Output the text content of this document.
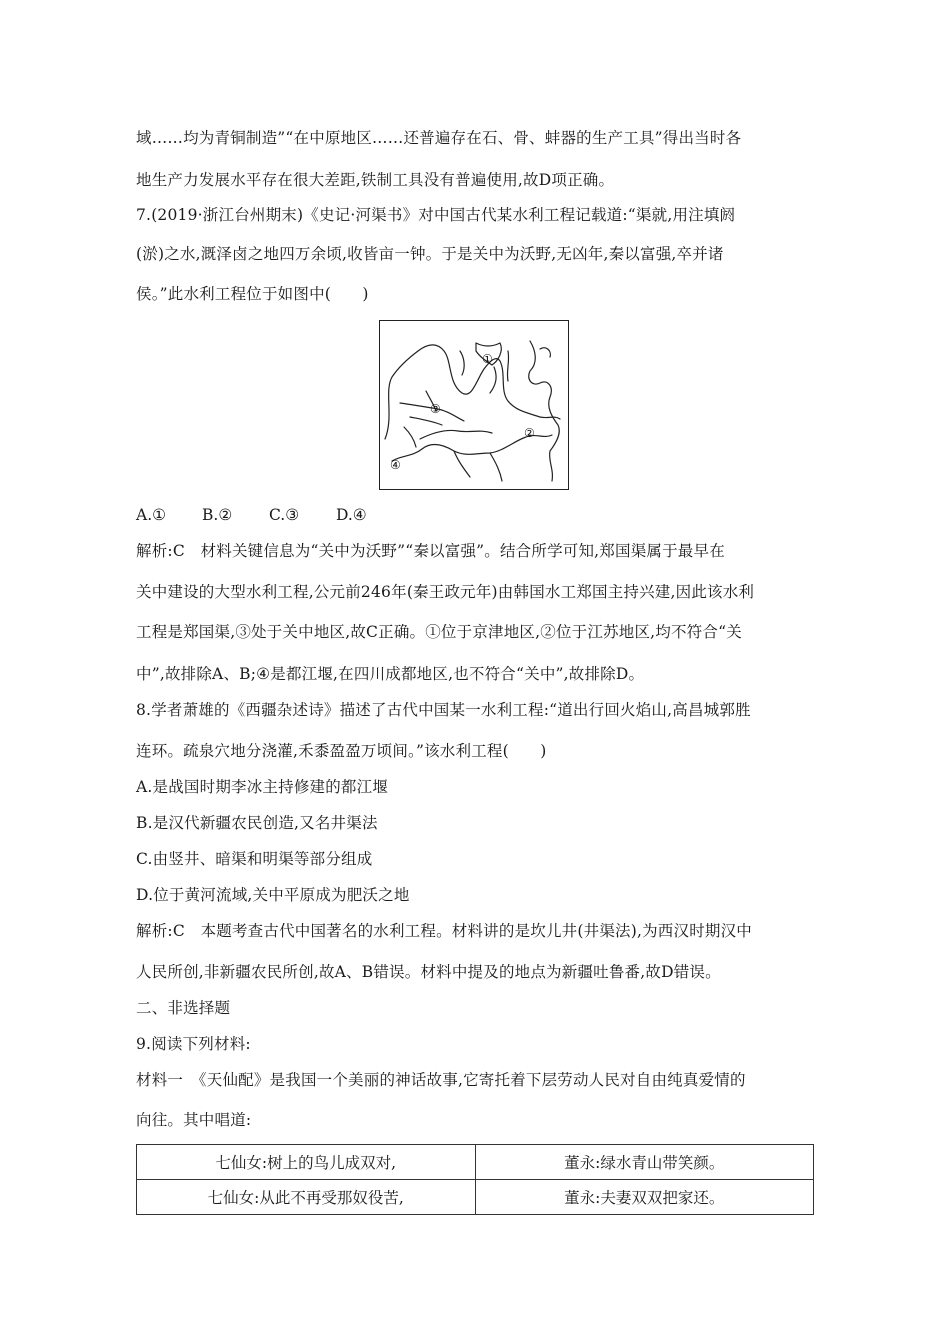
域……均为青铜制造”“在中原地区……还普遍存在石、骨、蚌器的生产工具”得出当时各
地生产力发展水平存在很大差距,铁制工具没有普遍使用,故D项正确。
7.(2019·浙江台州期末)《史记·河渠书》对中国古代某水利工程记载道:“渠就,用注填阏
(淤)之水,溉泽卤之地四万余顷,收皆亩一钟。于是关中为沃野,无凶年,秦以富强,卒并诸
侯。”此水利工程位于如图中(　　)
①
②
③
④
A.① B.② C.③ D.④
解析:C　材料关键信息为“关中为沃野”“秦以富强”。结合所学可知,郑国渠属于最早在
关中建设的大型水利工程,公元前246年(秦王政元年)由韩国水工郑国主持兴建,因此该水利
工程是郑国渠,③处于关中地区,故C正确。①位于京津地区,②位于江苏地区,均不符合“关
中”,故排除A、B;④是都江堰,在四川成都地区,也不符合“关中”,故排除D。
8.学者萧雄的《西疆杂述诗》描述了古代中国某一水利工程:“道出行回火焰山,高昌城郭胜
连环。疏泉穴地分浇灌,禾黍盈盈万顷间。”该水利工程(　　)
A.是战国时期李冰主持修建的都江堰
B.是汉代新疆农民创造,又名井渠法
C.由竖井、暗渠和明渠等部分组成
D.位于黄河流域,关中平原成为肥沃之地
解析:C　本题考查古代中国著名的水利工程。材料讲的是坎儿井(井渠法),为西汉时期汉中
人民所创,非新疆农民所创,故A、B错误。材料中提及的地点为新疆吐鲁番,故D错误。
二、非选择题
9.阅读下列材料:
材料一　《天仙配》是我国一个美丽的神话故事,它寄托着下层劳动人民对自由纯真爱情的
向往。其中唱道:
七仙女:树上的鸟儿成双对,	董永:绿水青山带笑颜。
七仙女:从此不再受那奴役苦,	董永:夫妻双双把家还。
